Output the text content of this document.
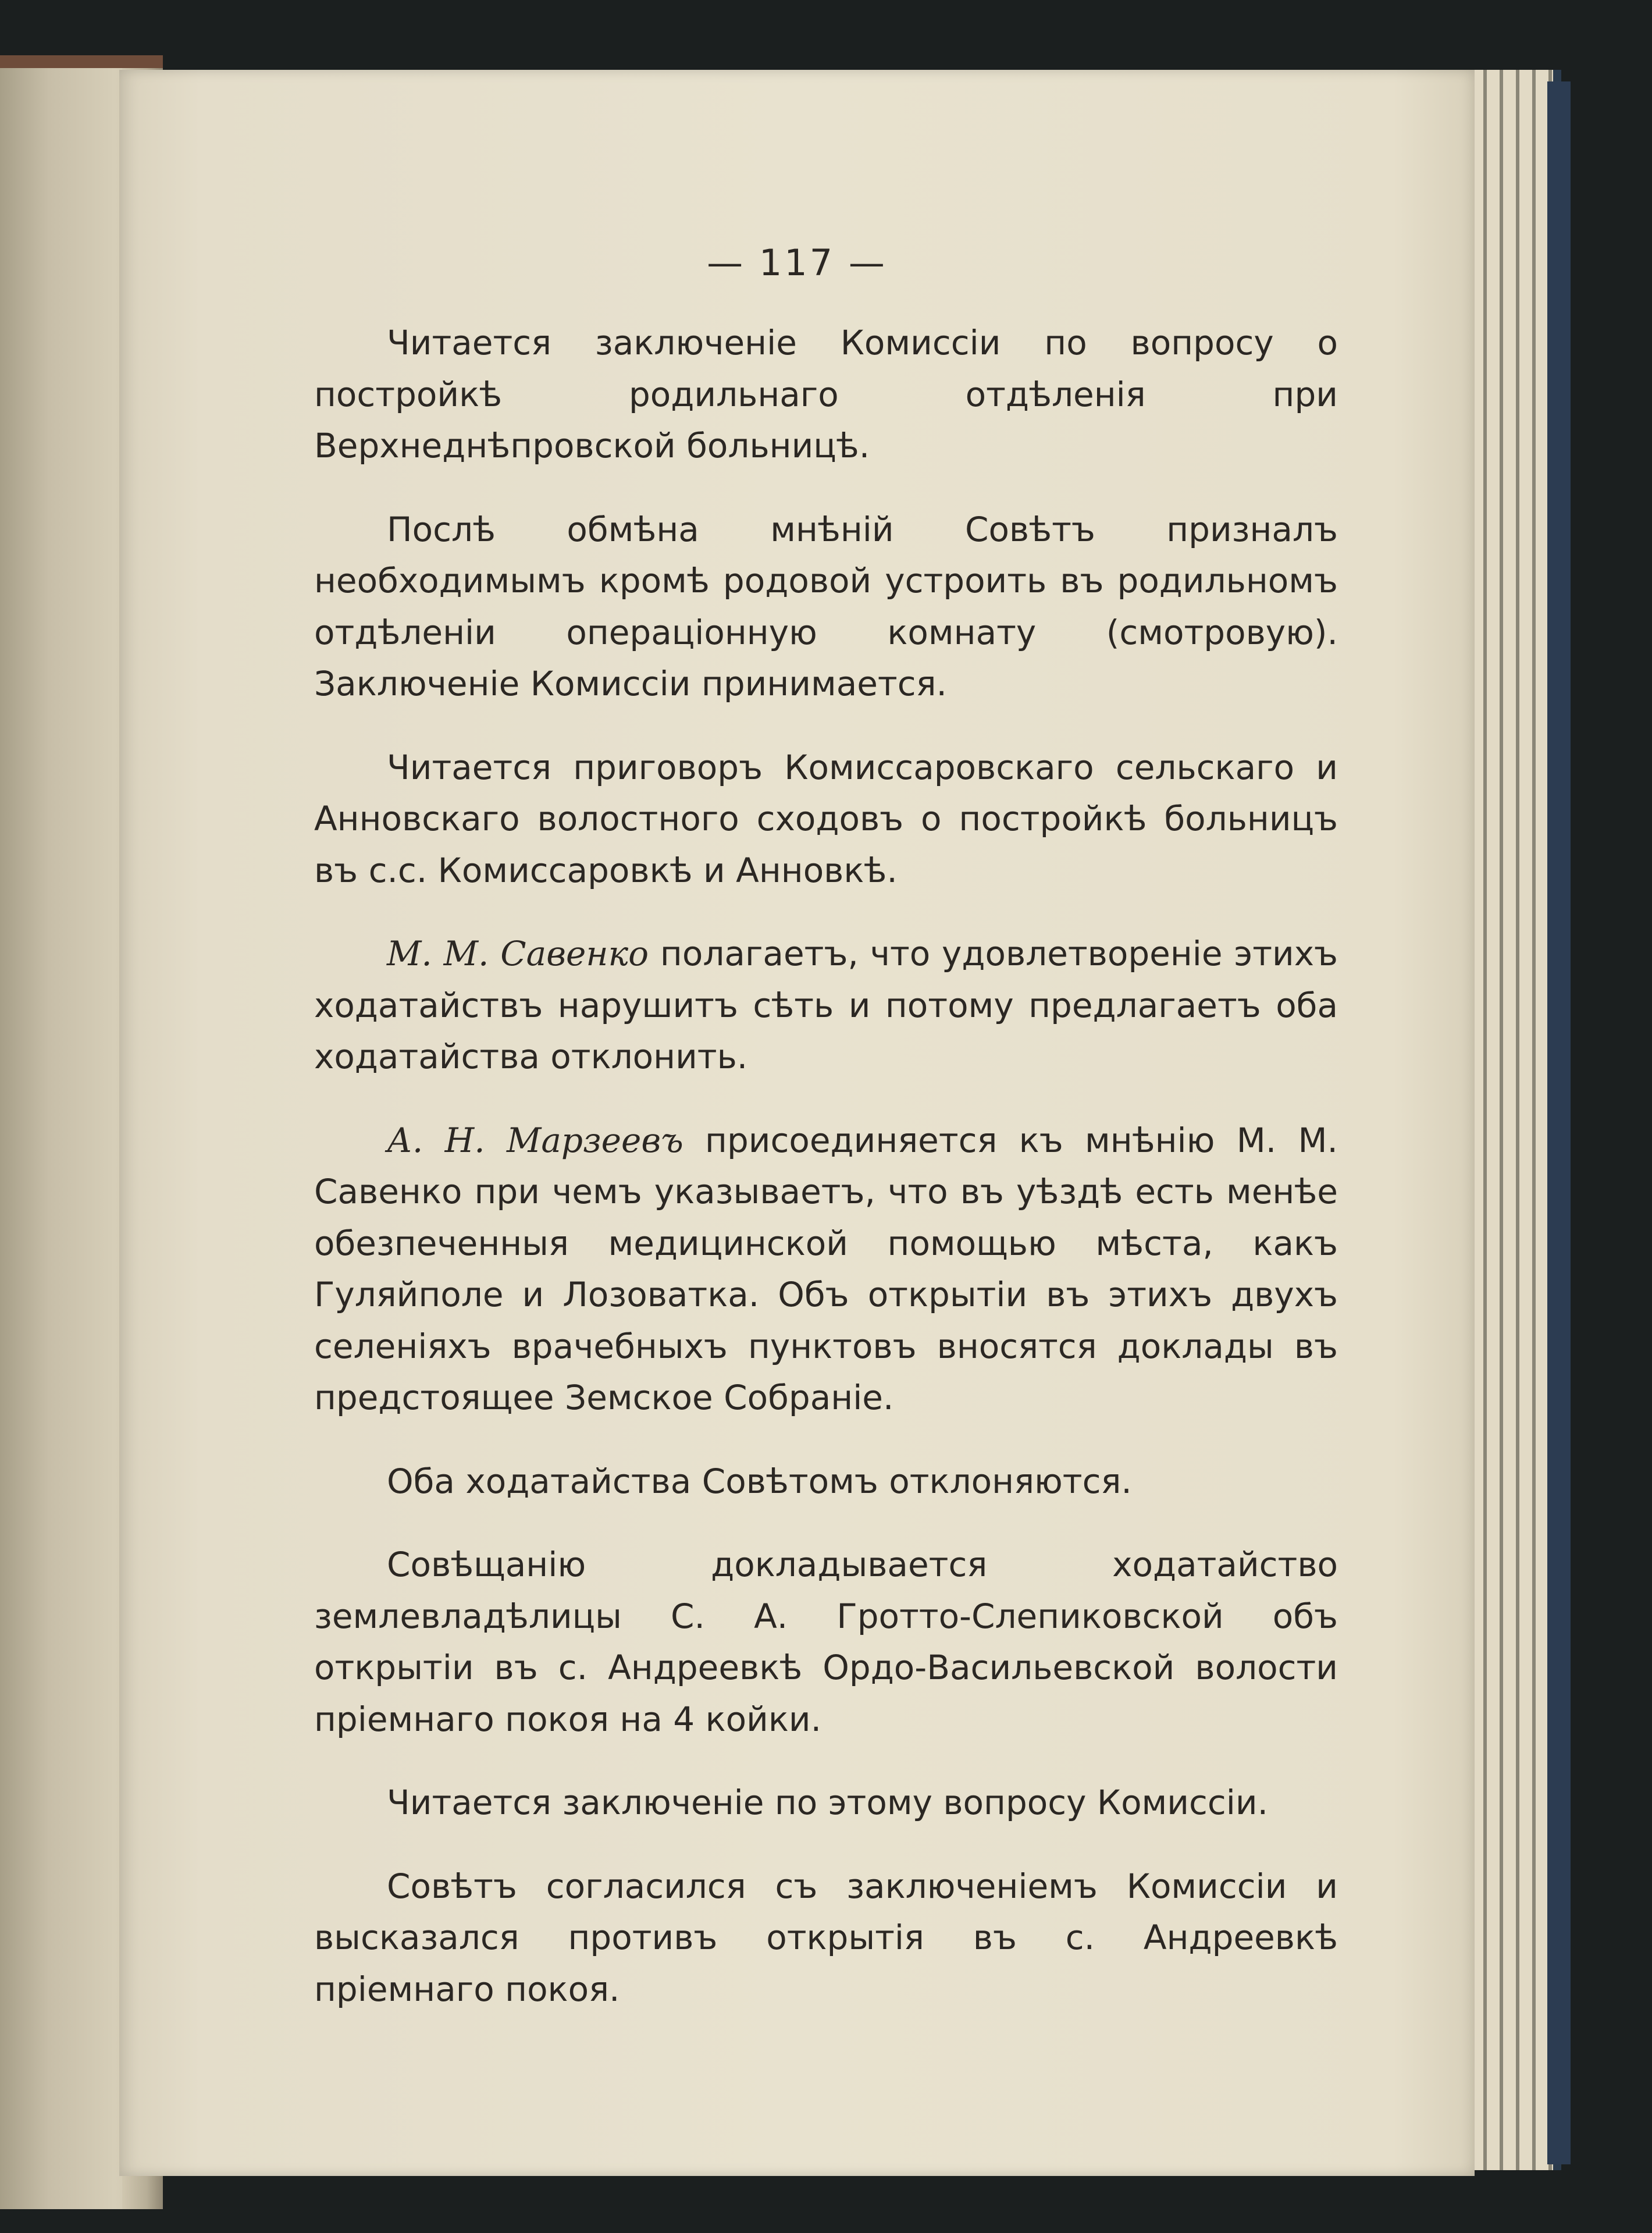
— 117 —

Читается заключенiе Комиссiи по вопросу о постройкѣ родильнаго отдѣленiя при Верхнеднѣпровской больницѣ.

Послѣ обмѣна мнѣнiй Совѣтъ призналъ необходимымъ кромѣ родовой устроить въ родильномъ отдѣленiи операцiонную комнату (смотровую). Заключенiе Комиссiи принимается.

Читается приговоръ Комиссаровскаго сельскаго и Анновскаго волостного сходовъ о постройкѣ больницъ въ с.с. Комиссаровкѣ и Анновкѣ.

М. М. Савенко полагаетъ, что удовлетворенiе этихъ ходатайствъ нарушитъ сѣть и потому предлагаетъ оба ходатайства отклонить.

А. Н. Марзеевъ присоединяется къ мнѣнiю М. М. Савенко при чемъ указываетъ, что въ уѣздѣ есть менѣе обезпеченныя медицинской помощью мѣста, какъ Гуляйполе и Лозоватка. Объ открытiи въ этихъ двухъ селенiяхъ врачебныхъ пунктовъ вносятся доклады въ предстоящее Земское Собранiе.

Оба ходатайства Совѣтомъ отклоняются.

Совѣщанiю докладывается ходатайство землевладѣлицы С. А. Гротто-Слепиковской объ открытiи въ с. Андреевкѣ Ордо-Васильевской волости прiемнаго покоя на 4 койки.

Читается заключенiе по этому вопросу Комиссiи.

Совѣтъ согласился съ заключенiемъ Комиссiи и высказался противъ открытiя въ с. Андреевкѣ прiемнаго покоя.
